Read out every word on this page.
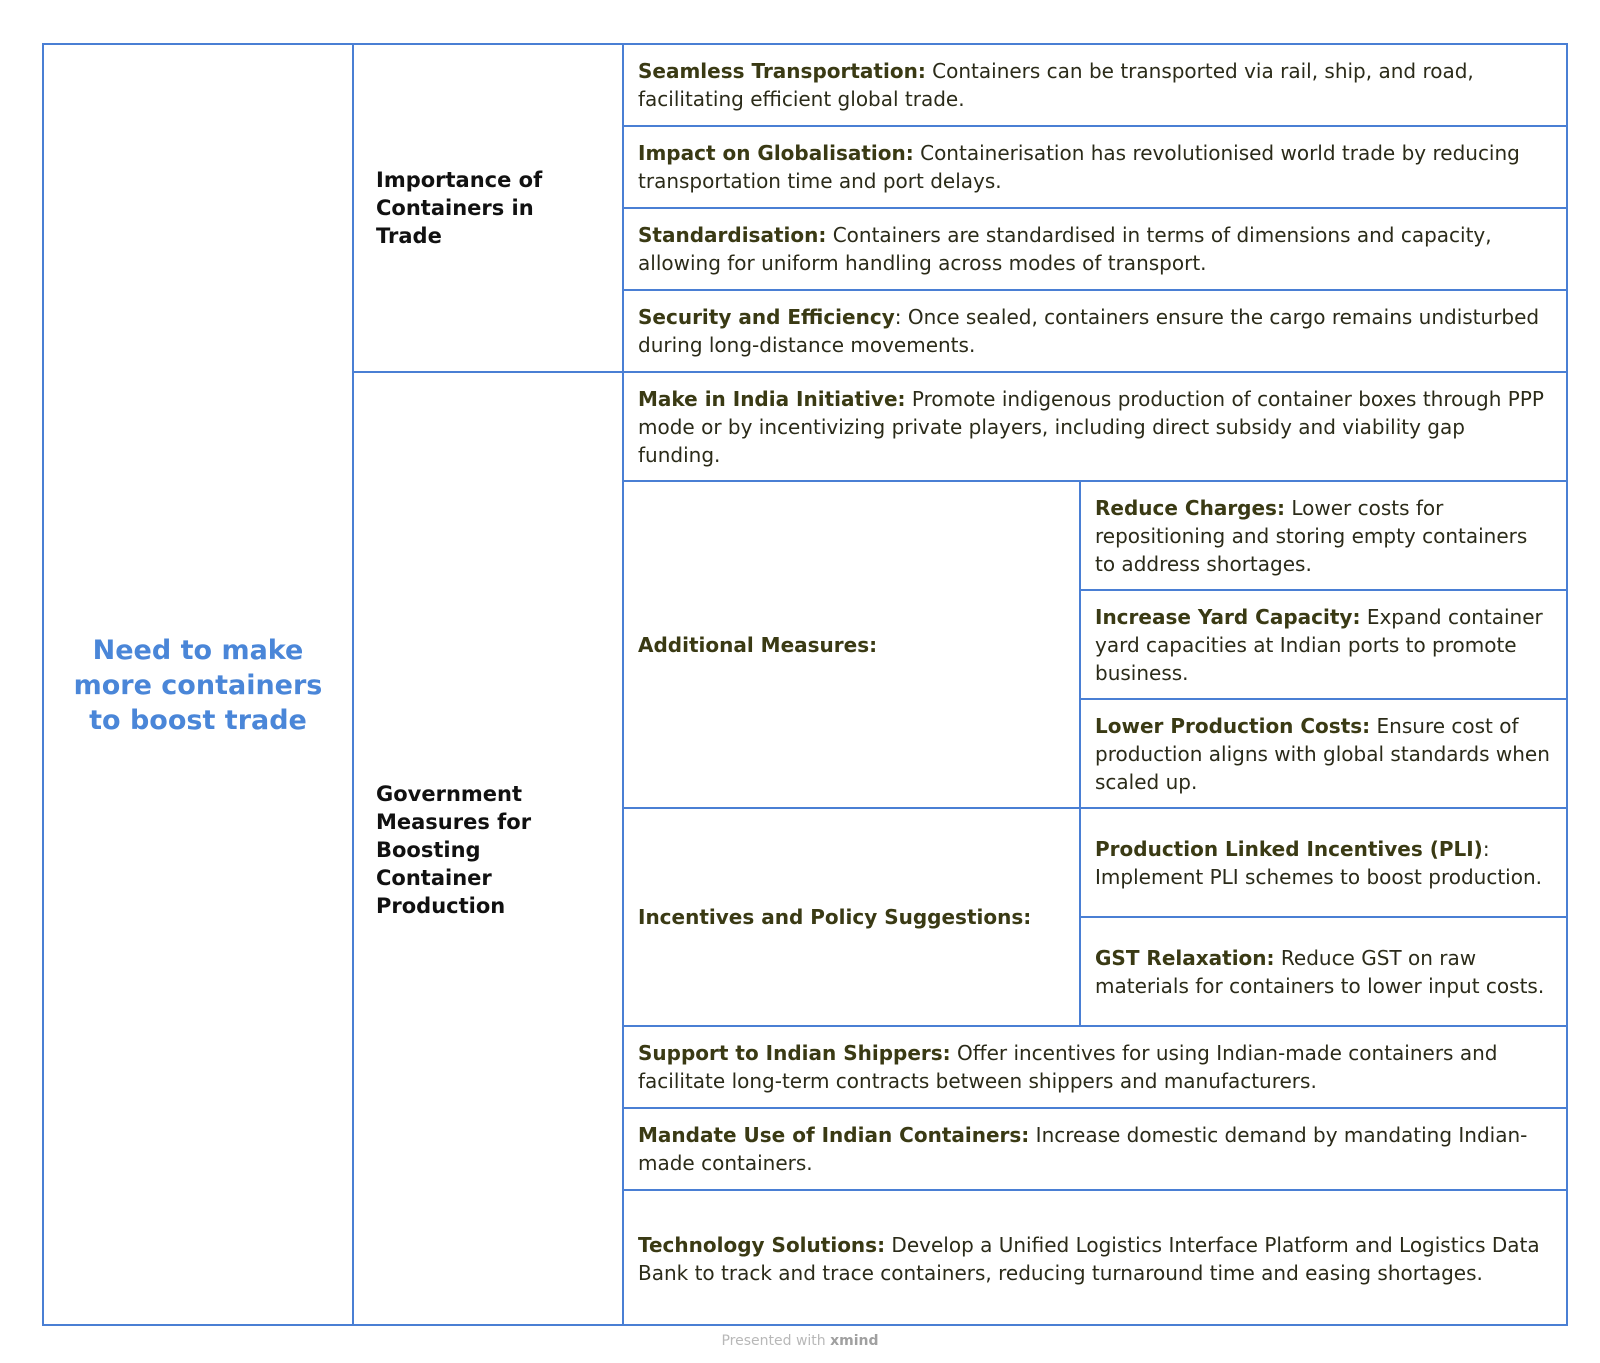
Need to make more containers to boost trade
Importance of Containers in Trade
Seamless Transportation: Containers can be transported via rail, ship, and road, facilitating efficient global trade.
Impact on Globalisation: Containerisation has revolutionised world trade by reducing transportation time and port delays.
Standardisation: Containers are standardised in terms of dimensions and capacity, allowing for uniform handling across modes of transport.
Security and Efficiency: Once sealed, containers ensure the cargo remains undisturbed during long-distance movements.
Government Measures for Boosting Container Production
Make in India Initiative: Promote indigenous production of container boxes through PPP mode or by incentivizing private players, including direct subsidy and viability gap funding.
Additional Measures:
Reduce Charges: Lower costs for repositioning and storing empty containers to address shortages.
Increase Yard Capacity: Expand container yard capacities at Indian ports to promote business.
Lower Production Costs: Ensure cost of production aligns with global standards when scaled up.
Incentives and Policy Suggestions:
Production Linked Incentives (PLI): Implement PLI schemes to boost production.
GST Relaxation: Reduce GST on raw materials for containers to lower input costs.
Support to Indian Shippers: Offer incentives for using Indian-made containers and facilitate long-term contracts between shippers and manufacturers.
Mandate Use of Indian Containers: Increase domestic demand by mandating Indian-made containers.
Technology Solutions: Develop a Unified Logistics Interface Platform and Logistics Data Bank to track and trace containers, reducing turnaround time and easing shortages.
Presented with xmind
